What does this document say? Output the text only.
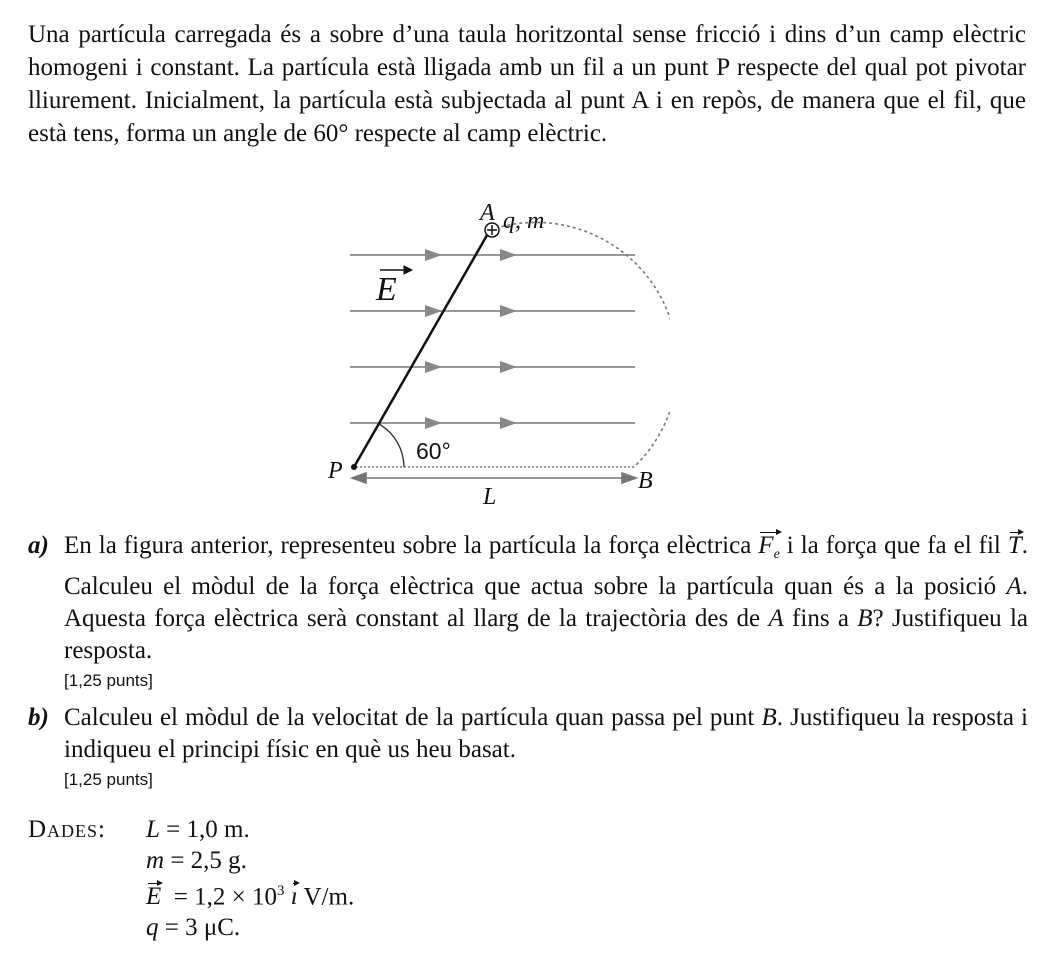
Una partícula carregada és a sobre d’una taula horitzontal sense fricció i dins d’un camp elèctric homogeni i constant. La partícula està lligada amb un fil a un punt P respecte del qual pot pivotar lliurement. Inicialment, la partícula està subjectada al punt A i en repòs, de manera que el fil, que està tens, forma un angle de 60° respecte al camp elèctric.
A q, m
E
60°
P	B
L
a) En la figura anterior, representeu sobre la partícula la força elèctrica $F_e$ i la força que fa el fil T. Calculeu el mòdul de la força elèctrica que actua sobre la partícula quan és a la posició A. Aquesta força elèctrica serà constant al llarg de la trajectòria des de A fins a B? Justifiqueu la resposta.
[1,25 punts]
b) Calculeu el mòdul de la velocitat de la partícula quan passa pel punt B. Justifiqueu la resposta i indiqueu el principi físic en què us heu basat.
[1,25 punts]
Dades: L = 1,0 m.
m = 2,5 g.
$E = 1,2 \times 10^3$ ı V/m.
q = 3 μC.
